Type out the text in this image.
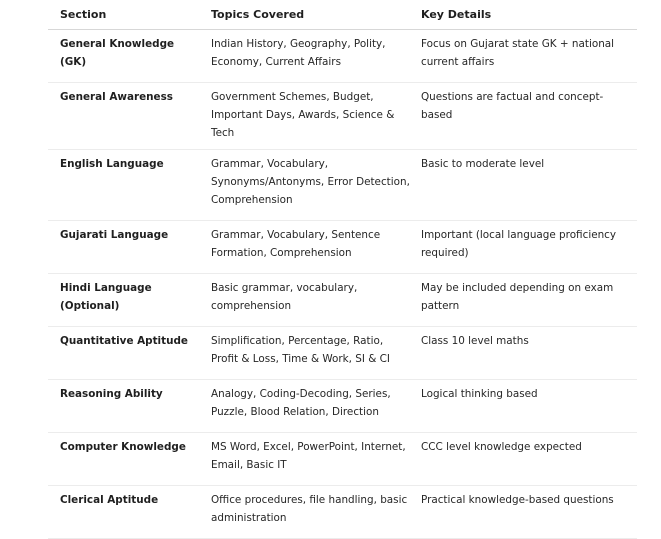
Section	Topics Covered	Key Details
General Knowledge (GK)	Indian History, Geography, Polity, Economy, Current Affairs	Focus on Gujarat state GK + national current affairs
General Awareness	Government Schemes, Budget, Important Days, Awards, Science & Tech	Questions are factual and concept-based
English Language	Grammar, Vocabulary, Synonyms/Antonyms, Error Detection, Comprehension	Basic to moderate level
Gujarati Language	Grammar, Vocabulary, Sentence Formation, Comprehension	Important (local language proficiency required)
Hindi Language (Optional)	Basic grammar, vocabulary, comprehension	May be included depending on exam pattern
Quantitative Aptitude	Simplification, Percentage, Ratio, Profit & Loss, Time & Work, SI & CI	Class 10 level maths
Reasoning Ability	Analogy, Coding-Decoding, Series, Puzzle, Blood Relation, Direction	Logical thinking based
Computer Knowledge	MS Word, Excel, PowerPoint, Internet, Email, Basic IT	CCC level knowledge expected
Clerical Aptitude	Office procedures, file handling, basic administration	Practical knowledge-based questions
